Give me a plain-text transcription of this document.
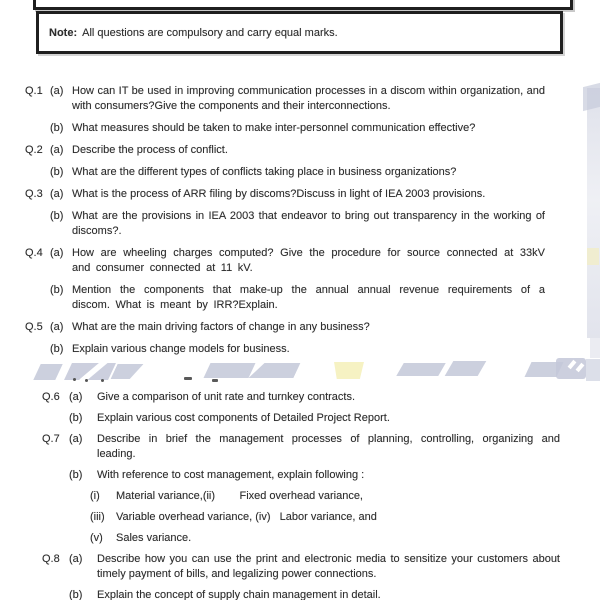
Note: All questions are compulsory and carry equal marks.
Q.1 (a) How can IT be used in improving communication processes in a discom within organization, and with consumers?Give the components and their interconnections.
(b) What measures should be taken to make inter-personnel communication effective?
Q.2 (a) Describe the process of conflict.
(b) What are the different types of conflicts taking place in business organizations?
Q.3 (a) What is the process of ARR filing by discoms?Discuss in light of IEA 2003 provisions.
(b) What are the provisions in IEA 2003 that endeavor to bring out transparency in the working of discoms?.
Q.4 (a) How are wheeling charges computed? Give the procedure for source connected at 33kV and consumer connected at 11 kV.
(b) Mention the components that make-up the annual annual revenue requirements of a discom. What is meant by IRR?Explain.
Q.5 (a) What are the main driving factors of change in any business?
(b) Explain various change models for business.
Q.6 (a)	Give a comparison of unit rate and turnkey contracts.
(b)	Explain various cost components of Detailed Project Report.
Q.7 (a)	Describe in brief the management processes of planning, controlling, organizing and leading.
(b)	With reference to cost management, explain following :
(i)	Material variance,(ii)        Fixed overhead variance,
(iii)	Variable overhead variance, (iv)   Labor variance, and
(v)	Sales variance.
Q.8 (a)	Describe how you can use the print and electronic media to sensitize your customers about timely payment of bills, and legalizing power connections.
(b)	Explain the concept of supply chain management in detail.
